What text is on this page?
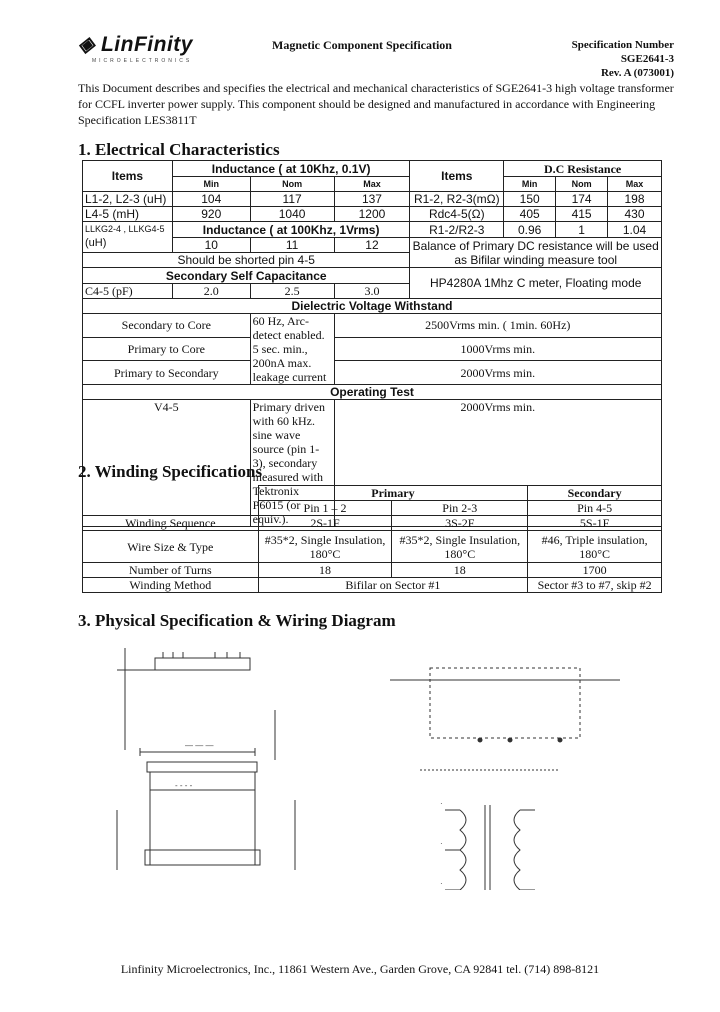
◈ LinFinity
MICROELECTRONICS
Magnetic Component Specification	Specification Number
SGE2641-3
Rev. A (073001)
This Document describes and specifies the electrical and mechanical characteristics of SGE2641-3 high voltage transformer for CCFL inverter power supply. This component should be designed and manufactured in accordance with Engineering Specification LES3811T
1. Electrical Characteristics
Items	Inductance ( at 10Khz, 0.1V)			Items	D.C Resistance		
	Min	Nom	Max		Min	Nom	Max
L1-2, L2-3 (uH)	104	117	137	R1-2, R2-3(mΩ)	150	174	198
L4-5 (mH)	920	1040	1200	Rdc4-5(Ω)	405	415	430
LLKG2-4 , LLKG4-5
(uH)	Inductance ( at 100Khz, 1Vrms)			R1-2/R2-3	0.96	1	1.04
	10	11	12	Balance of Primary DC resistance will be used as Bifilar winding measure tool			
Should be shorted pin 4-5							
Secondary Self Capacitance				HP4280A 1Mhz C meter, Floating mode			
C4-5 (pF)	2.0	2.5	3.0				
Dielectric Voltage Withstand							
Secondary to Core		60 Hz, Arc-detect enabled. 5 sec. min., 200nA max. leakage current	2500Vrms min. ( 1min. 60Hz)				
Primary to Core			1000Vrms min.				
Primary to Secondary			2000Vrms min.				
Operating Test							
V4-5		Primary driven with 60 kHz. sine wave source (pin 1-3), secondary measured with Tektronix P6015 (or equiv.).	2000Vrms min.				
2. Winding Specifications
	Primary		Secondary
	Pin 1 – 2	Pin 2-3	Pin 4-5
Winding Sequence	2S-1F	3S-2F	5S-1F
Wire Size & Type	#35*2, Single Insulation, 180°C	#35*2, Single Insulation, 180°C	#46, Triple insulation, 180°C
Number of Turns	18	18	1700
Winding Method	Bifilar on Sector #1		Sector #3 to #7, skip #2
3. Physical Specification & Wiring Diagram
— — —
- - - -
·
·
·
Linfinity Microelectronics, Inc., 11861 Western Ave., Garden Grove, CA 92841 tel. (714) 898-8121
